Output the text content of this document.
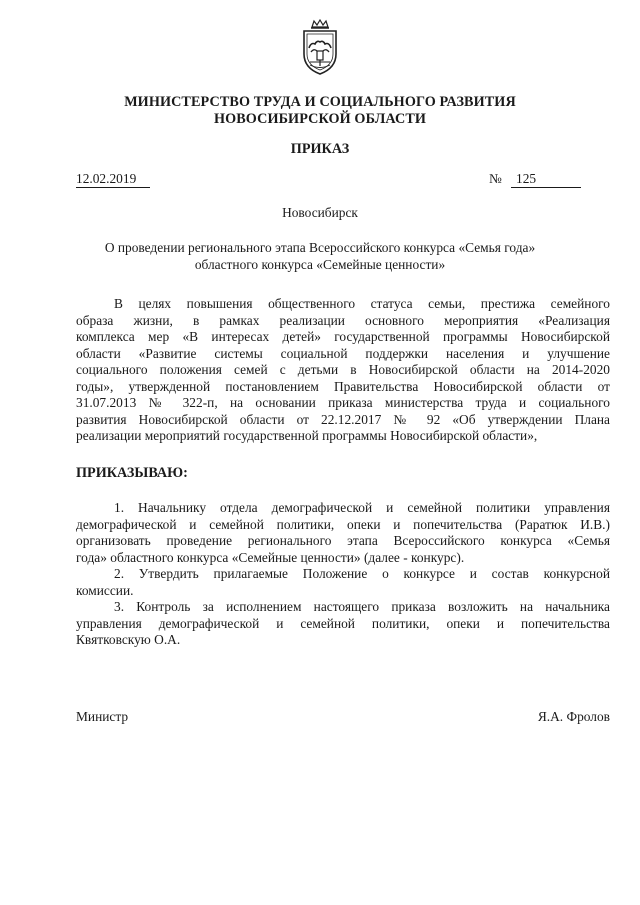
МИНИСТЕРСТВО ТРУДА И СОЦИАЛЬНОГО РАЗВИТИЯ
НОВОСИБИРСКОЙ ОБЛАСТИ
ПРИКАЗ
12.02.2019	№	125
Новосибирск
О проведении регионального этапа Всероссийского конкурса «Семья года»
областного конкурса «Семейные ценности»
В целях повышения общественного статуса семьи, престижа семейного
образа жизни, в рамках реализации основного мероприятия «Реализация
комплекса мер «В интересах детей» государственной программы Новосибирской
области «Развитие системы социальной поддержки населения и улучшение
социального положения семей с детьми в Новосибирской области на 2014-2020
годы», утвержденной постановлением Правительства Новосибирской области от
31.07.2013 № 322-п, на основании приказа министерства труда и социального
развития Новосибирской области от 22.12.2017 № 92 «Об утверждении Плана
реализации мероприятий государственной программы Новосибирской области»,
ПРИКАЗЫВАЮ:
1. Начальнику отдела демографической и семейной политики управления
демографической и семейной политики, опеки и попечительства (Раратюк И.В.)
организовать проведение регионального этапа Всероссийского конкурса «Семья
года» областного конкурса «Семейные ценности» (далее - конкурс).
2. Утвердить прилагаемые Положение о конкурсе и состав конкурсной
комиссии.
3. Контроль за исполнением настоящего приказа возложить на начальника
управления демографической и семейной политики, опеки и попечительства
Квятковскую О.А.
Министр	Я.А. Фролов
